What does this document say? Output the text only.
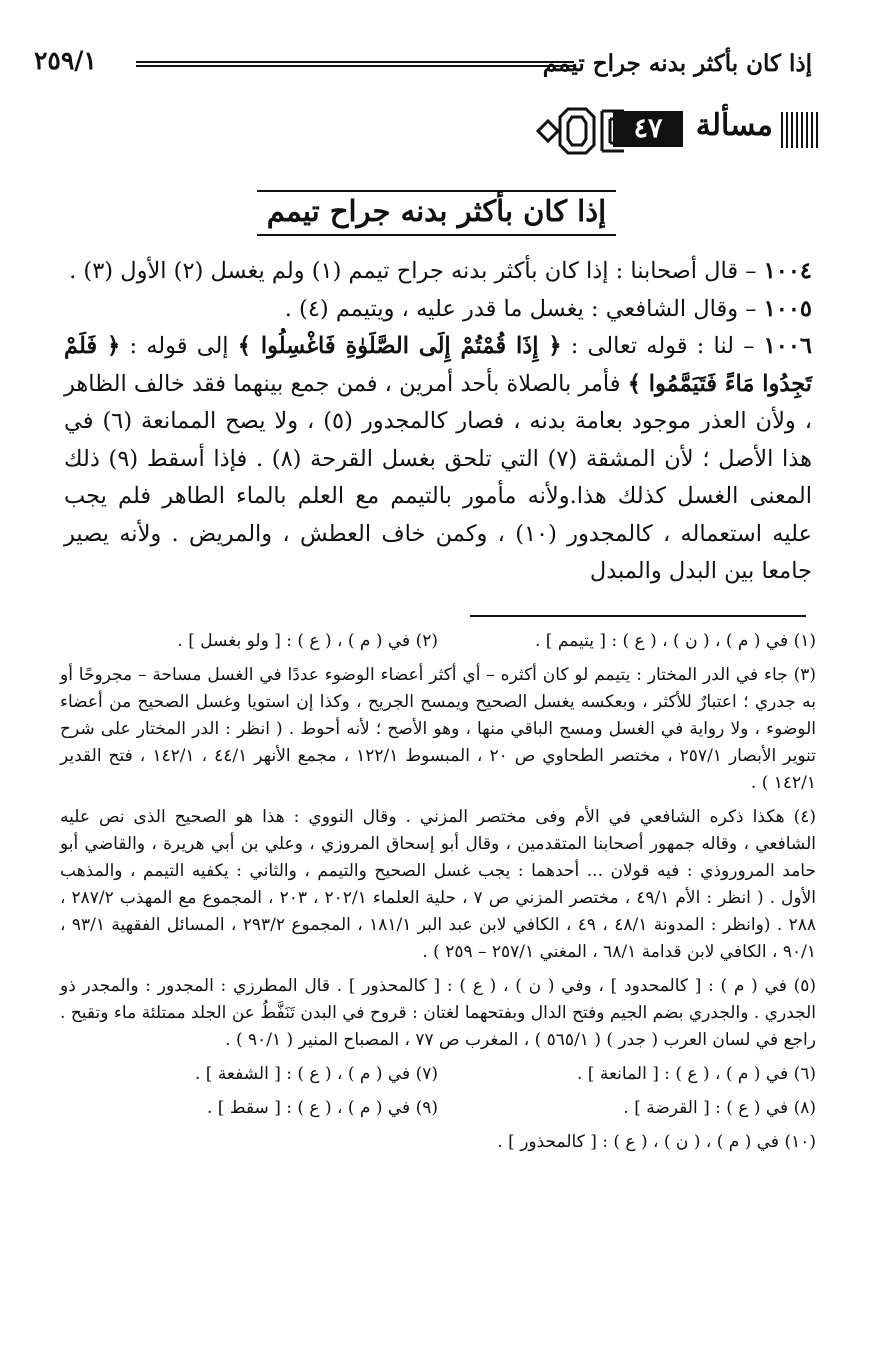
إذا كان بأكثر بدنه جراح تيمم
٢٥٩/١
مسألة
٤٧
إذا كان بأكثر بدنه جراح تيمم

١٠٠٤ – قال أصحابنا : إذا كان بأكثر بدنه جراح تيمم (١) ولم يغسل (٢) الأول (٣) .

١٠٠٥ – وقال الشافعي : يغسل ما قدر عليه ، ويتيمم (٤) .

١٠٠٦ – لنا : قوله تعالى : ﴿ إِذَا قُمْتُمْ إِلَى الصَّلَوٰةِ فَاغْسِلُوا ﴾ إلى قوله : ﴿ فَلَمْ تَجِدُوا مَاءً فَتَيَمَّمُوا ﴾ فأمر بالصلاة بأحد أمرين ، فمن جمع بينهما فقد خالف الظاهر ، ولأن العذر موجود بعامة بدنه ، فصار كالمجدور (٥) ، ولا يصح الممانعة (٦) في هذا الأصل ؛ لأن المشقة (٧) التي تلحق بغسل القرحة (٨) . فإذا أسقط (٩) ذلك المعنى الغسل كذلك هذا.ولأنه مأمور بالتيمم مع العلم بالماء الطاهر فلم يجب عليه استعماله ، كالمجدور (١٠) ، وكمن خاف العطش ، والمريض . ولأنه يصير جامعا بين البدل والمبدل

(١) في ( م ) ، ( ن ) ، ( ع ) : [ يتيمم ] .
(٢) في ( م ) ، ( ع ) : [ ولو بغسل ] .

(٣) جاء في الدر المختار : يتيمم لو كان أكثره – أي أكثر أعضاء الوضوء عددًا في الغسل مساحة – مجروحًا أو به جدري ؛ اعتبارٌ للأكثر ، وبعكسه يغسل الصحيح ويمسح الجريح ، وكذا إن استويا وغسل الصحيح من أعضاء الوضوء ، ولا رواية في الغسل ومسح الباقي منها ، وهو الأصح ؛ لأنه أحوط . ( انظر : الدر المختار على شرح تنوير الأبصار ٢٥٧/١ ، مختصر الطحاوي ص ٢٠ ، المبسوط ١٢٢/١ ، مجمع الأنهر ٤٤/١ ، ١٤٢/١ ، فتح القدير ١٤٢/١ ) .

(٤) هكذا ذكره الشافعي في الأم وفى مختصر المزني . وقال النووي : هذا هو الصحيح الذى نص عليه الشافعي ، وقاله جمهور أصحابنا المتقدمين ، وقال أبو إسحاق المروزي ، وعلي بن أبي هريرة ، والقاضي أبو حامد المروروذي : فيه قولان ... أحدهما : يجب غسل الصحيح والتيمم ، والثاني : يكفيه التيمم ، والمذهب الأول . ( انظر : الأم ٤٩/١ ، مختصر المزني ص ٧ ، حلية العلماء ٢٠٢/١ ، ٢٠٣ ، المجموع مع المهذب ٢٨٧/٢ ، ٢٨٨ . (وانظر : المدونة ٤٨/١ ، ٤٩ ، الكافي لابن عبد البر ١٨١/١ ، المجموع ٢٩٣/٢ ، المسائل الفقهية ٩٣/١ ، ٩٠/١ ، الكافي لابن قدامة ٦٨/١ ، المغني ٢٥٧/١ – ٢٥٩ ) .

(٥) في ( م ) : [ كالمحدود ] ، وفي ( ن ) ، ( ع ) : [ كالمحذور ] . قال المطرزي : المجدور : والمجدر ذو الجدري . والجدري بضم الجيم وفتح الدال وبفتحهما لغتان : قروح في البدن تَنَفَّطُ عن الجلد ممتلئة ماء وتقيح . راجع في لسان العرب ( جدر ) ( ٥٦٥/١ ) ، المغرب ص ٧٧ ، المصباح المنير ( ٩٠/١ ) .

(٦) في ( م ) ، ( ع ) : [ المانعة ] .
(٧) في ( م ) ، ( ع ) : [ الشفعة ] .
(٨) في ( ع ) : [ القرضة ] .
(٩) في ( م ) ، ( ع ) : [ سقط ] .

(١٠) في ( م ) ، ( ن ) ، ( ع ) : [ كالمحذور ] .
